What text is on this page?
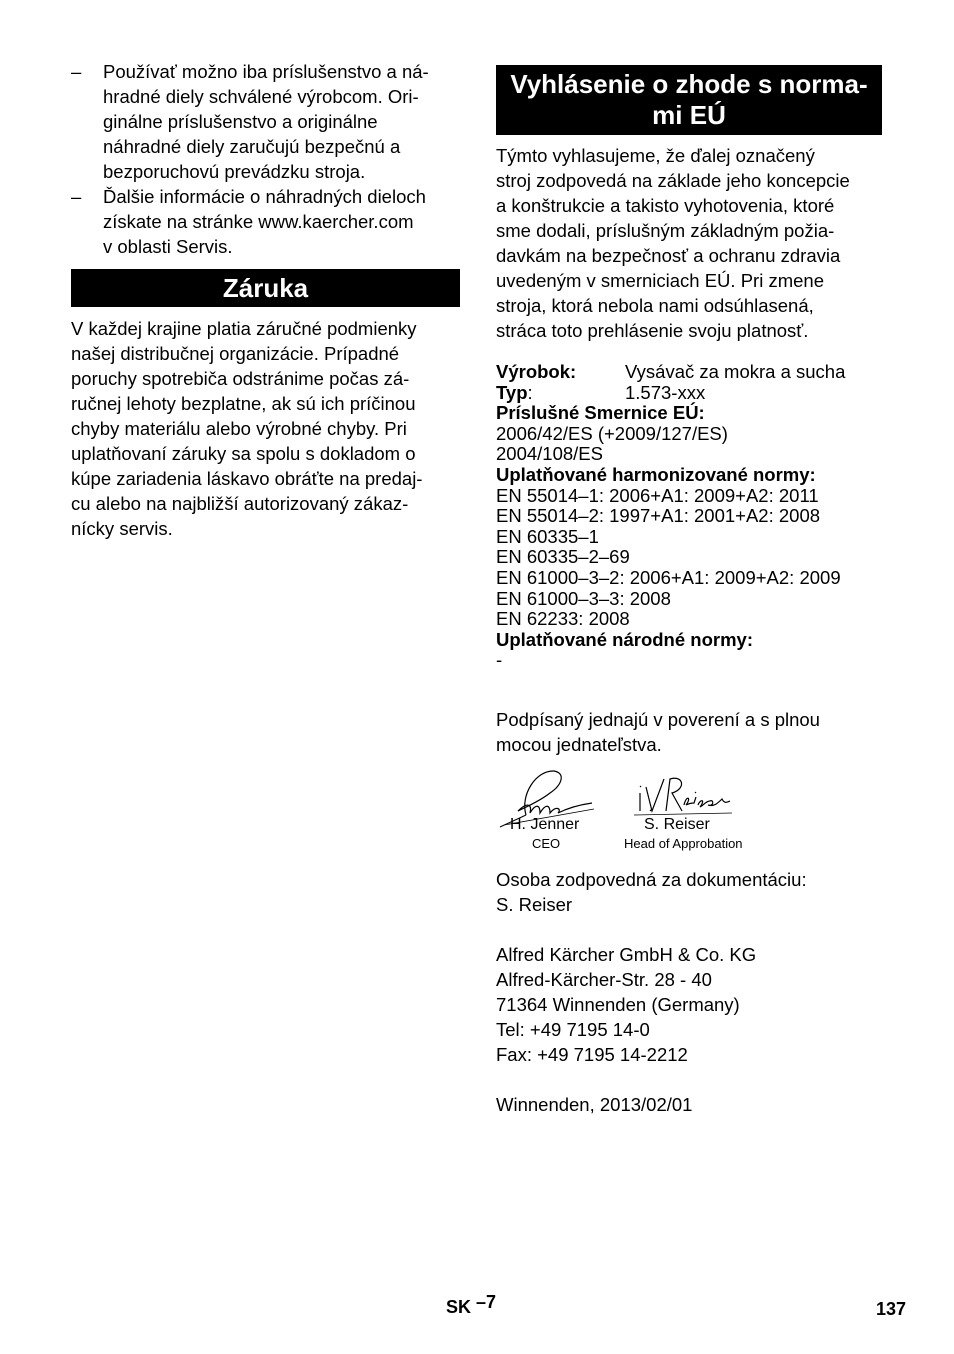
– Používať možno iba príslušenstvo a ná-
hradné diely schválené výrobcom. Ori-
ginálne príslušenstvo a originálne
náhradné diely zaručujú bezpečnú a
bezporuchovú prevádzku stroja.
– Ďalšie informácie o náhradných dieloch
získate na stránke www.kaercher.com
v oblasti Servis.
Záruka
V každej krajine platia záručné podmienky
našej distribučnej organizácie. Prípadné
poruchy spotrebiča odstránime počas zá-
ručnej lehoty bezplatne, ak sú ich príčinou
chyby materiálu alebo výrobné chyby. Pri
uplatňovaní záruky sa spolu s dokladom o
kúpe zariadenia láskavo obráťte na predaj-
cu alebo na najbližší autorizovaný zákaz-
nícky servis.
Vyhlásenie o zhode s norma-
mi EÚ
Týmto vyhlasujeme, že ďalej označený
stroj zodpovedá na základe jeho koncepcie
a konštrukcie a takisto vyhotovenia, ktoré
sme dodali, príslušným základným požia-
davkám na bezpečnosť a ochranu zdravia
uvedeným v smerniciach EÚ. Pri zmene
stroja, ktorá nebola nami odsúhlasená,
stráca toto prehlásenie svoju platnosť.
Výrobok:	Vysávač za mokra a sucha
Typ:	1.573-xxx
Príslušné Smernice EÚ:
2006/42/ES (+2009/127/ES)
2004/108/ES
Uplatňované harmonizované normy:
EN 55014–1: 2006+A1: 2009+A2: 2011
EN 55014–2: 1997+A1: 2001+A2: 2008
EN 60335–1
EN 60335–2–69
EN 61000–3–2: 2006+A1: 2009+A2: 2009
EN 61000–3–3: 2008
EN 62233: 2008
Uplatňované národné normy:
-
Podpísaný jednajú v poverení a s plnou
mocou jednateľstva.
H. Jenner
CEO
S. Reiser
Head of Approbation
Osoba zodpovedná za dokumentáciu:
S. Reiser
Alfred Kärcher GmbH & Co. KG
Alfred-Kärcher-Str. 28 - 40
71364 Winnenden (Germany)
Tel: +49 7195 14-0
Fax: +49 7195 14-2212
Winnenden, 2013/02/01
SK –7	137
